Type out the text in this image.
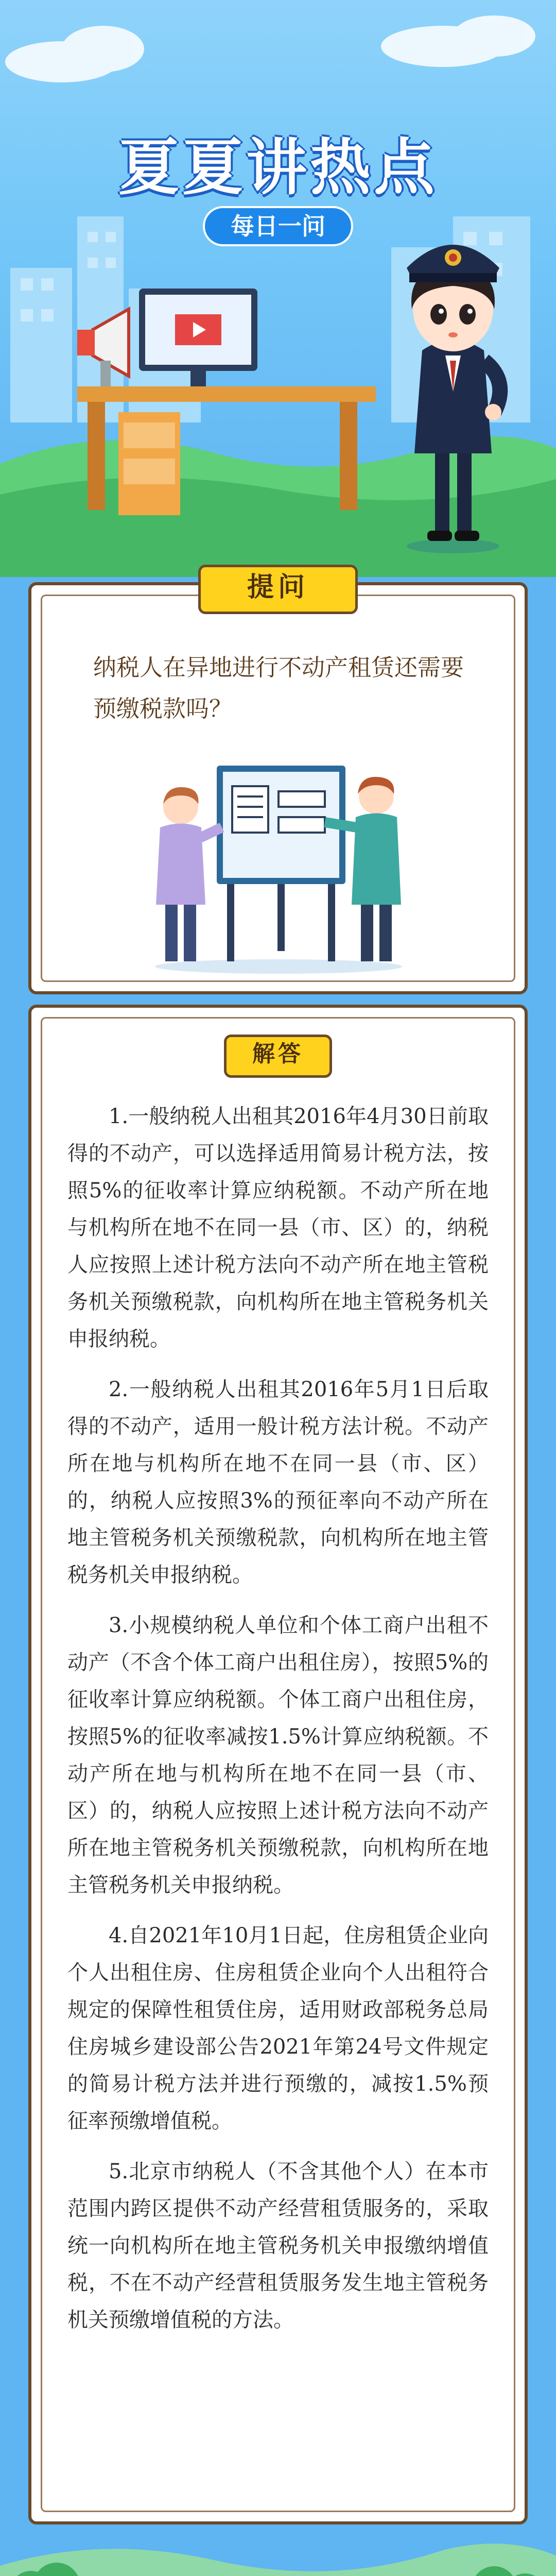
夏夏讲热点
每日一问
提问
纳税人在异地进行不动产租赁还需要预缴税款吗？
解答

1.一般纳税人出租其2016年4月30日前取得的不动产，可以选择适用简易计税方法，按照5%的征收率计算应纳税额。不动产所在地与机构所在地不在同一县（市、区）的，纳税人应按照上述计税方法向不动产所在地主管税务机关预缴税款，向机构所在地主管税务机关申报纳税。

2.一般纳税人出租其2016年5月1日后取得的不动产，适用一般计税方法计税。不动产所在地与机构所在地不在同一县（市、区）的，纳税人应按照3%的预征率向不动产所在地主管税务机关预缴税款，向机构所在地主管税务机关申报纳税。

3.小规模纳税人单位和个体工商户出租不动产（不含个体工商户出租住房），按照5%的征收率计算应纳税额。个体工商户出租住房，按照5%的征收率减按1.5%计算应纳税额。不动产所在地与机构所在地不在同一县（市、区）的，纳税人应按照上述计税方法向不动产所在地主管税务机关预缴税款，向机构所在地主管税务机关申报纳税。

4.自2021年10月1日起，住房租赁企业向个人出租住房、住房租赁企业向个人出租符合规定的保障性租赁住房，适用财政部税务总局住房城乡建设部公告2021年第24号文件规定的简易计税方法并进行预缴的，减按1.5%预征率预缴增值税。

5.北京市纳税人（不含其他个人）在本市范围内跨区提供不动产经营租赁服务的，采取统一向机构所在地主管税务机关申报缴纳增值税，不在不动产经营租赁服务发生地主管税务机关预缴增值税的方法。
